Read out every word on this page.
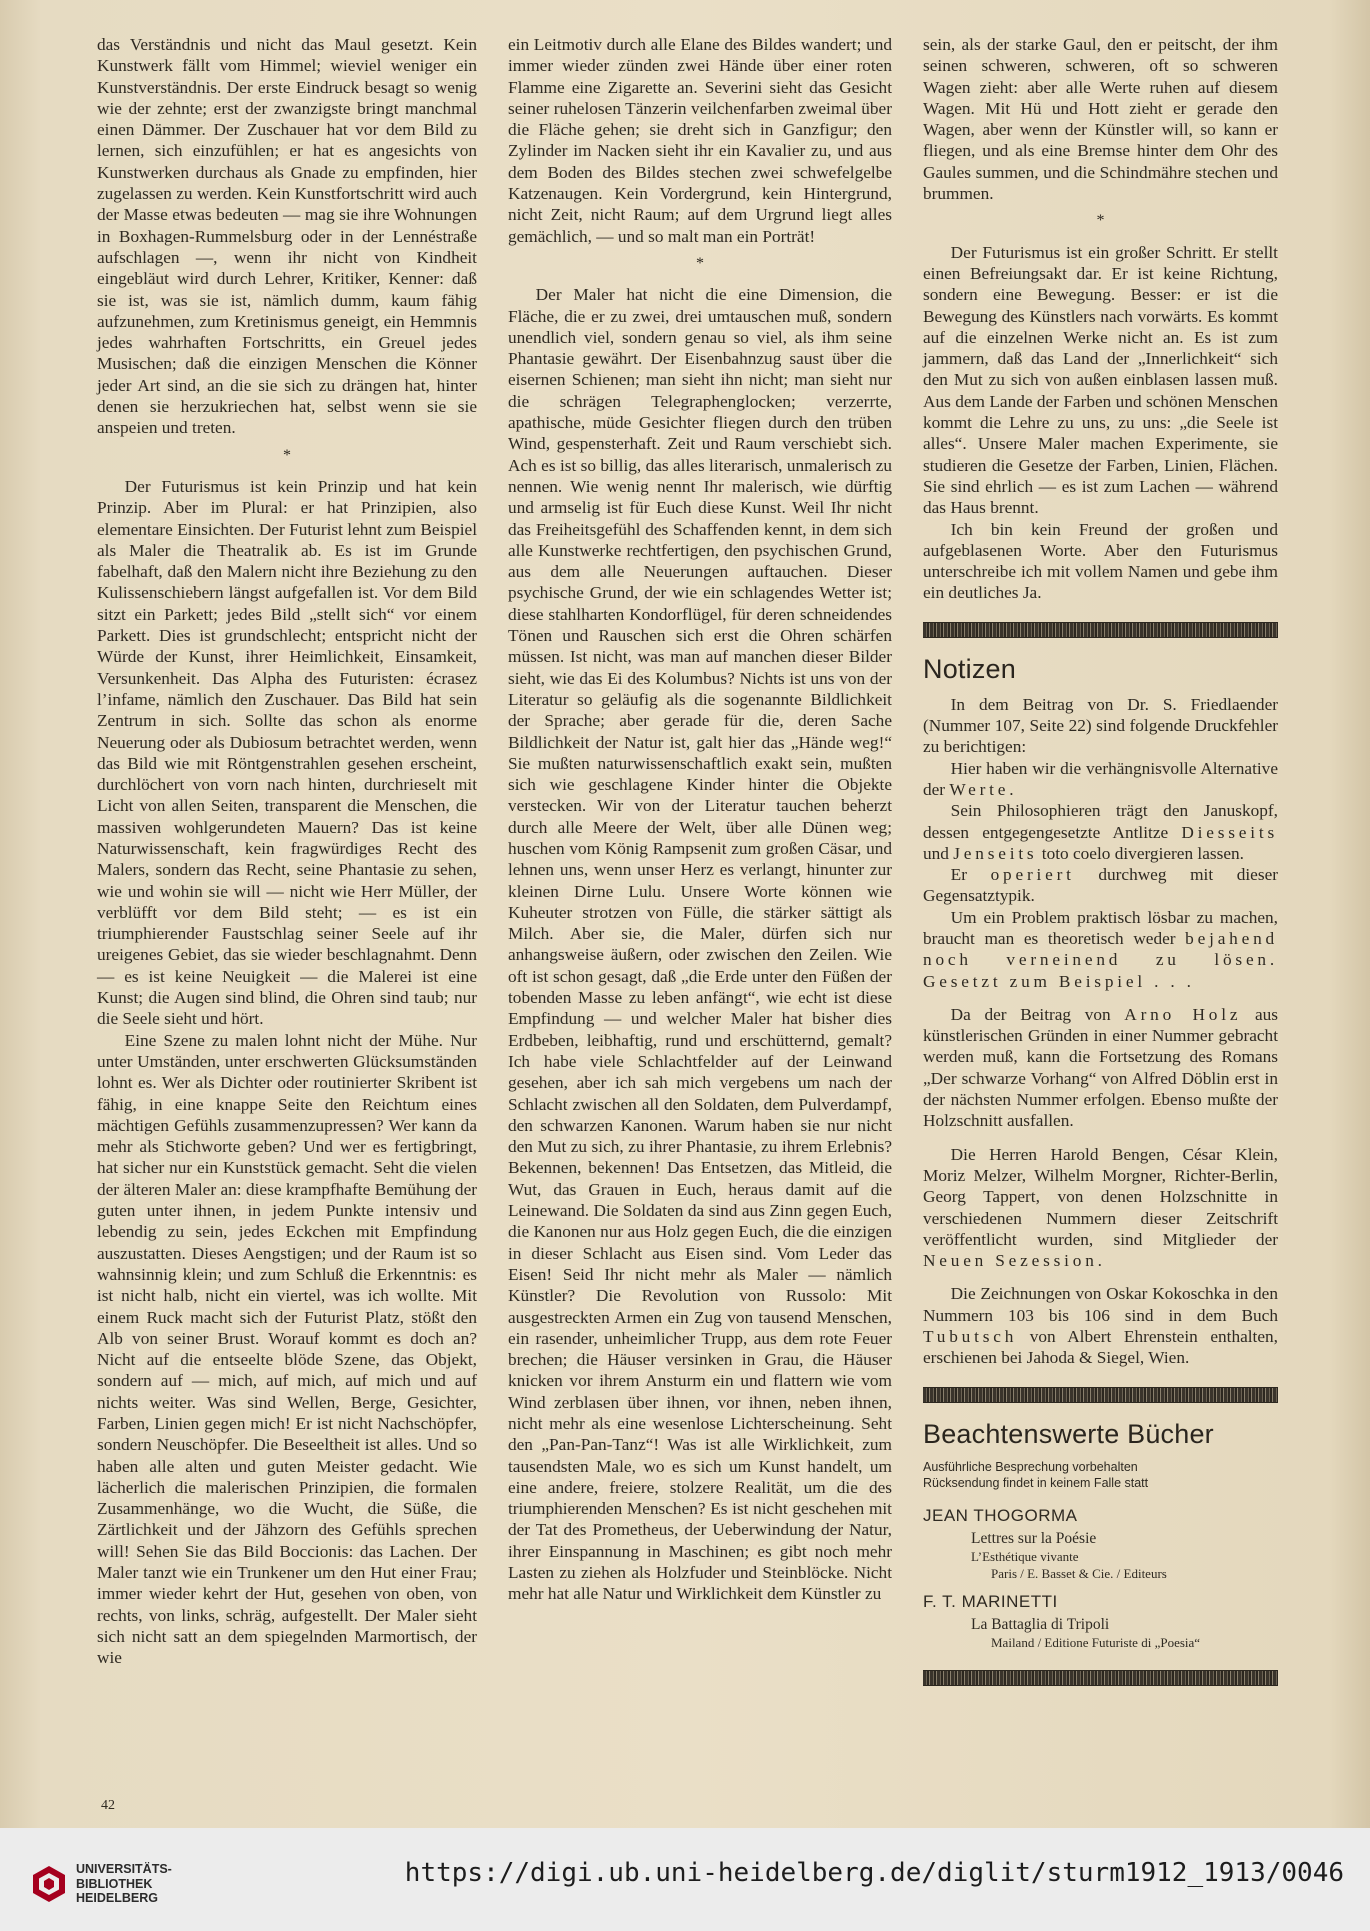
das Verständnis und nicht das Maul gesetzt. Kein Kunstwerk fällt vom Himmel; wieviel weniger ein Kunstverständnis. Der erste Eindruck besagt so wenig wie der zehnte; erst der zwanzigste bringt manchmal einen Dämmer. Der Zuschauer hat vor dem Bild zu lernen, sich einzufühlen; er hat es angesichts von Kunstwerken durchaus als Gnade zu empfinden, hier zugelassen zu werden. Kein Kunstfortschritt wird auch der Masse etwas bedeuten — mag sie ihre Wohnungen in Boxhagen-Rummelsburg oder in der Lennéstraße aufschlagen —, wenn ihr nicht von Kindheit eingebläut wird durch Lehrer, Kritiker, Kenner: daß sie ist, was sie ist, nämlich dumm, kaum fähig aufzunehmen, zum Kretinismus geneigt, ein Hemmnis jedes wahrhaften Fortschritts, ein Greuel jedes Musischen; daß die einzigen Menschen die Könner jeder Art sind, an die sie sich zu drängen hat, hinter denen sie herzukriechen hat, selbst wenn sie sie anspeien und treten.

*

Der Futurismus ist kein Prinzip und hat kein Prinzip. Aber im Plural: er hat Prinzipien, also elementare Einsichten. Der Futurist lehnt zum Beispiel als Maler die Theatralik ab. Es ist im Grunde fabelhaft, daß den Malern nicht ihre Beziehung zu den Kulissenschiebern längst aufgefallen ist. Vor dem Bild sitzt ein Parkett; jedes Bild „stellt sich“ vor einem Parkett. Dies ist grundschlecht; entspricht nicht der Würde der Kunst, ihrer Heimlichkeit, Einsamkeit, Versunkenheit. Das Alpha des Futuristen: écrasez l’infame, nämlich den Zuschauer. Das Bild hat sein Zentrum in sich. Sollte das schon als enorme Neuerung oder als Dubiosum betrachtet werden, wenn das Bild wie mit Röntgenstrahlen gesehen erscheint, durchlöchert von vorn nach hinten, durchrieselt mit Licht von allen Seiten, transparent die Menschen, die massiven wohlgerundeten Mauern? Das ist keine Naturwissenschaft, kein fragwürdiges Recht des Malers, sondern das Recht, seine Phantasie zu sehen, wie und wohin sie will — nicht wie Herr Müller, der verblüfft vor dem Bild steht; — es ist ein triumphierender Faustschlag seiner Seele auf ihr ureigenes Gebiet, das sie wieder beschlagnahmt. Denn — es ist keine Neuigkeit — die Malerei ist eine Kunst; die Augen sind blind, die Ohren sind taub; nur die Seele sieht und hört.

Eine Szene zu malen lohnt nicht der Mühe. Nur unter Umständen, unter erschwerten Glücksumständen lohnt es. Wer als Dichter oder routinierter Skribent ist fähig, in eine knappe Seite den Reichtum eines mächtigen Gefühls zusammenzupressen? Wer kann da mehr als Stichworte geben? Und wer es fertigbringt, hat sicher nur ein Kunststück gemacht. Seht die vielen der älteren Maler an: diese krampfhafte Bemühung der guten unter ihnen, in jedem Punkte intensiv und lebendig zu sein, jedes Eckchen mit Empfindung auszustatten. Dieses Aengstigen; und der Raum ist so wahnsinnig klein; und zum Schluß die Erkenntnis: es ist nicht halb, nicht ein viertel, was ich wollte. Mit einem Ruck macht sich der Futurist Platz, stößt den Alb von seiner Brust. Worauf kommt es doch an? Nicht auf die entseelte blöde Szene, das Objekt, sondern auf — mich, auf mich, auf mich und auf nichts weiter. Was sind Wellen, Berge, Gesichter, Farben, Linien gegen mich! Er ist nicht Nachschöpfer, sondern Neuschöpfer. Die Beseeltheit ist alles. Und so haben alle alten und guten Meister gedacht. Wie lächerlich die malerischen Prinzipien, die formalen Zusammenhänge, wo die Wucht, die Süße, die Zärtlichkeit und der Jähzorn des Gefühls sprechen will! Sehen Sie das Bild Boccionis: das Lachen. Der Maler tanzt wie ein Trunkener um den Hut einer Frau; immer wieder kehrt der Hut, gesehen von oben, von rechts, von links, schräg, aufgestellt. Der Maler sieht sich nicht satt an dem spiegelnden Marmortisch, der wie

ein Leitmotiv durch alle Elane des Bildes wandert; und immer wieder zünden zwei Hände über einer roten Flamme eine Zigarette an. Severini sieht das Gesicht seiner ruhelosen Tänzerin veilchenfarben zweimal über die Fläche gehen; sie dreht sich in Ganzfigur; den Zylinder im Nacken sieht ihr ein Kavalier zu, und aus dem Boden des Bildes stechen zwei schwefelgelbe Katzenaugen. Kein Vordergrund, kein Hintergrund, nicht Zeit, nicht Raum; auf dem Urgrund liegt alles gemächlich, — und so malt man ein Porträt!

*

Der Maler hat nicht die eine Dimension, die Fläche, die er zu zwei, drei umtauschen muß, sondern unendlich viel, sondern genau so viel, als ihm seine Phantasie gewährt. Der Eisenbahnzug saust über die eisernen Schienen; man sieht ihn nicht; man sieht nur die schrägen Telegraphenglocken; verzerrte, apathische, müde Gesichter fliegen durch den trüben Wind, gespensterhaft. Zeit und Raum verschiebt sich. Ach es ist so billig, das alles literarisch, unmalerisch zu nennen. Wie wenig nennt Ihr malerisch, wie dürftig und armselig ist für Euch diese Kunst. Weil Ihr nicht das Freiheitsgefühl des Schaffenden kennt, in dem sich alle Kunstwerke rechtfertigen, den psychischen Grund, aus dem alle Neuerungen auftauchen. Dieser psychische Grund, der wie ein schlagendes Wetter ist; diese stahlharten Kondorflügel, für deren schneidendes Tönen und Rauschen sich erst die Ohren schärfen müssen. Ist nicht, was man auf manchen dieser Bilder sieht, wie das Ei des Kolumbus? Nichts ist uns von der Literatur so geläufig als die sogenannte Bildlichkeit der Sprache; aber gerade für die, deren Sache Bildlichkeit der Natur ist, galt hier das „Hände weg!“ Sie mußten naturwissenschaftlich exakt sein, mußten sich wie geschlagene Kinder hinter die Objekte verstecken. Wir von der Literatur tauchen beherzt durch alle Meere der Welt, über alle Dünen weg; huschen vom König Rampsenit zum großen Cäsar, und lehnen uns, wenn unser Herz es verlangt, hinunter zur kleinen Dirne Lulu. Unsere Worte können wie Kuheuter strotzen von Fülle, die stärker sättigt als Milch. Aber sie, die Maler, dürfen sich nur anhangsweise äußern, oder zwischen den Zeilen. Wie oft ist schon gesagt, daß „die Erde unter den Füßen der tobenden Masse zu leben anfängt“, wie echt ist diese Empfindung — und welcher Maler hat bisher dies Erdbeben, leibhaftig, rund und erschütternd, gemalt? Ich habe viele Schlachtfelder auf der Leinwand gesehen, aber ich sah mich vergebens um nach der Schlacht zwischen all den Soldaten, dem Pulverdampf, den schwarzen Kanonen. Warum haben sie nur nicht den Mut zu sich, zu ihrer Phantasie, zu ihrem Erlebnis? Bekennen, bekennen! Das Entsetzen, das Mitleid, die Wut, das Grauen in Euch, heraus damit auf die Leinewand. Die Soldaten da sind aus Zinn gegen Euch, die Kanonen nur aus Holz gegen Euch, die die einzigen in dieser Schlacht aus Eisen sind. Vom Leder das Eisen! Seid Ihr nicht mehr als Maler — nämlich Künstler? Die Revolution von Russolo: Mit ausgestreckten Armen ein Zug von tausend Menschen, ein rasender, unheimlicher Trupp, aus dem rote Feuer brechen; die Häuser versinken in Grau, die Häuser knicken vor ihrem Ansturm ein und flattern wie vom Wind zerblasen über ihnen, vor ihnen, neben ihnen, nicht mehr als eine wesenlose Lichterscheinung. Seht den „Pan-Pan-Tanz“! Was ist alle Wirklichkeit, zum tausendsten Male, wo es sich um Kunst handelt, um eine andere, freiere, stolzere Realität, um die des triumphierenden Menschen? Es ist nicht geschehen mit der Tat des Prometheus, der Ueberwindung der Natur, ihrer Einspannung in Maschinen; es gibt noch mehr Lasten zu ziehen als Holzfuder und Steinblöcke. Nicht mehr hat alle Natur und Wirklichkeit dem Künstler zu

sein, als der starke Gaul, den er peitscht, der ihm seinen schweren, schweren, oft so schweren Wagen zieht: aber alle Werte ruhen auf diesem Wagen. Mit Hü und Hott zieht er gerade den Wagen, aber wenn der Künstler will, so kann er fliegen, und als eine Bremse hinter dem Ohr des Gaules summen, und die Schindmähre stechen und brummen.

*

Der Futurismus ist ein großer Schritt. Er stellt einen Befreiungsakt dar. Er ist keine Richtung, sondern eine Bewegung. Besser: er ist die Bewegung des Künstlers nach vorwärts. Es kommt auf die einzelnen Werke nicht an. Es ist zum jammern, daß das Land der „Innerlichkeit“ sich den Mut zu sich von außen einblasen lassen muß. Aus dem Lande der Farben und schönen Menschen kommt die Lehre zu uns, zu uns: „die Seele ist alles“. Unsere Maler machen Experimente, sie studieren die Gesetze der Farben, Linien, Flächen. Sie sind ehrlich — es ist zum Lachen — während das Haus brennt.

Ich bin kein Freund der großen und aufgeblasenen Worte. Aber den Futurismus unterschreibe ich mit vollem Namen und gebe ihm ein deutliches Ja.

Notizen

In dem Beitrag von Dr. S. Friedlaender (Nummer 107, Seite 22) sind folgende Druckfehler zu berichtigen:

Hier haben wir die verhängnisvolle Alternative der Werte.

Sein Philosophieren trägt den Januskopf, dessen entgegengesetzte Antlitze Diesseits und Jenseits toto coelo divergieren lassen.

Er operiert durchweg mit dieser Gegensatztypik.

Um ein Problem praktisch lösbar zu machen, braucht man es theoretisch weder bejahend noch verneinend zu lösen. Gesetzt zum Beispiel . . .

Da der Beitrag von Arno Holz aus künstlerischen Gründen in einer Nummer gebracht werden muß, kann die Fortsetzung des Romans „Der schwarze Vorhang“ von Alfred Döblin erst in der nächsten Nummer erfolgen. Ebenso mußte der Holzschnitt ausfallen.

Die Herren Harold Bengen, César Klein, Moriz Melzer, Wilhelm Morgner, Richter-Berlin, Georg Tappert, von denen Holzschnitte in verschiedenen Nummern dieser Zeitschrift veröffentlicht wurden, sind Mitglieder der Neuen Sezession.

Die Zeichnungen von Oskar Kokoschka in den Nummern 103 bis 106 sind in dem Buch Tubutsch von Albert Ehrenstein enthalten, erschienen bei Jahoda & Siegel, Wien.

Beachtenswerte Bücher
Ausführliche Besprechung vorbehalten
Rücksendung findet in keinem Falle statt
JEAN THOGORMA
Lettres sur la Poésie
L’Esthétique vivante
Paris / E. Basset & Cie. / Editeurs
F. T. MARINETTI
La Battaglia di Tripoli
Mailand / Editione Futuriste di „Poesia“
42
UNIVERSITÄTS-
BIBLIOTHEK
HEIDELBERG
https://digi.ub.uni-heidelberg.de/diglit/sturm1912_1913/0046
